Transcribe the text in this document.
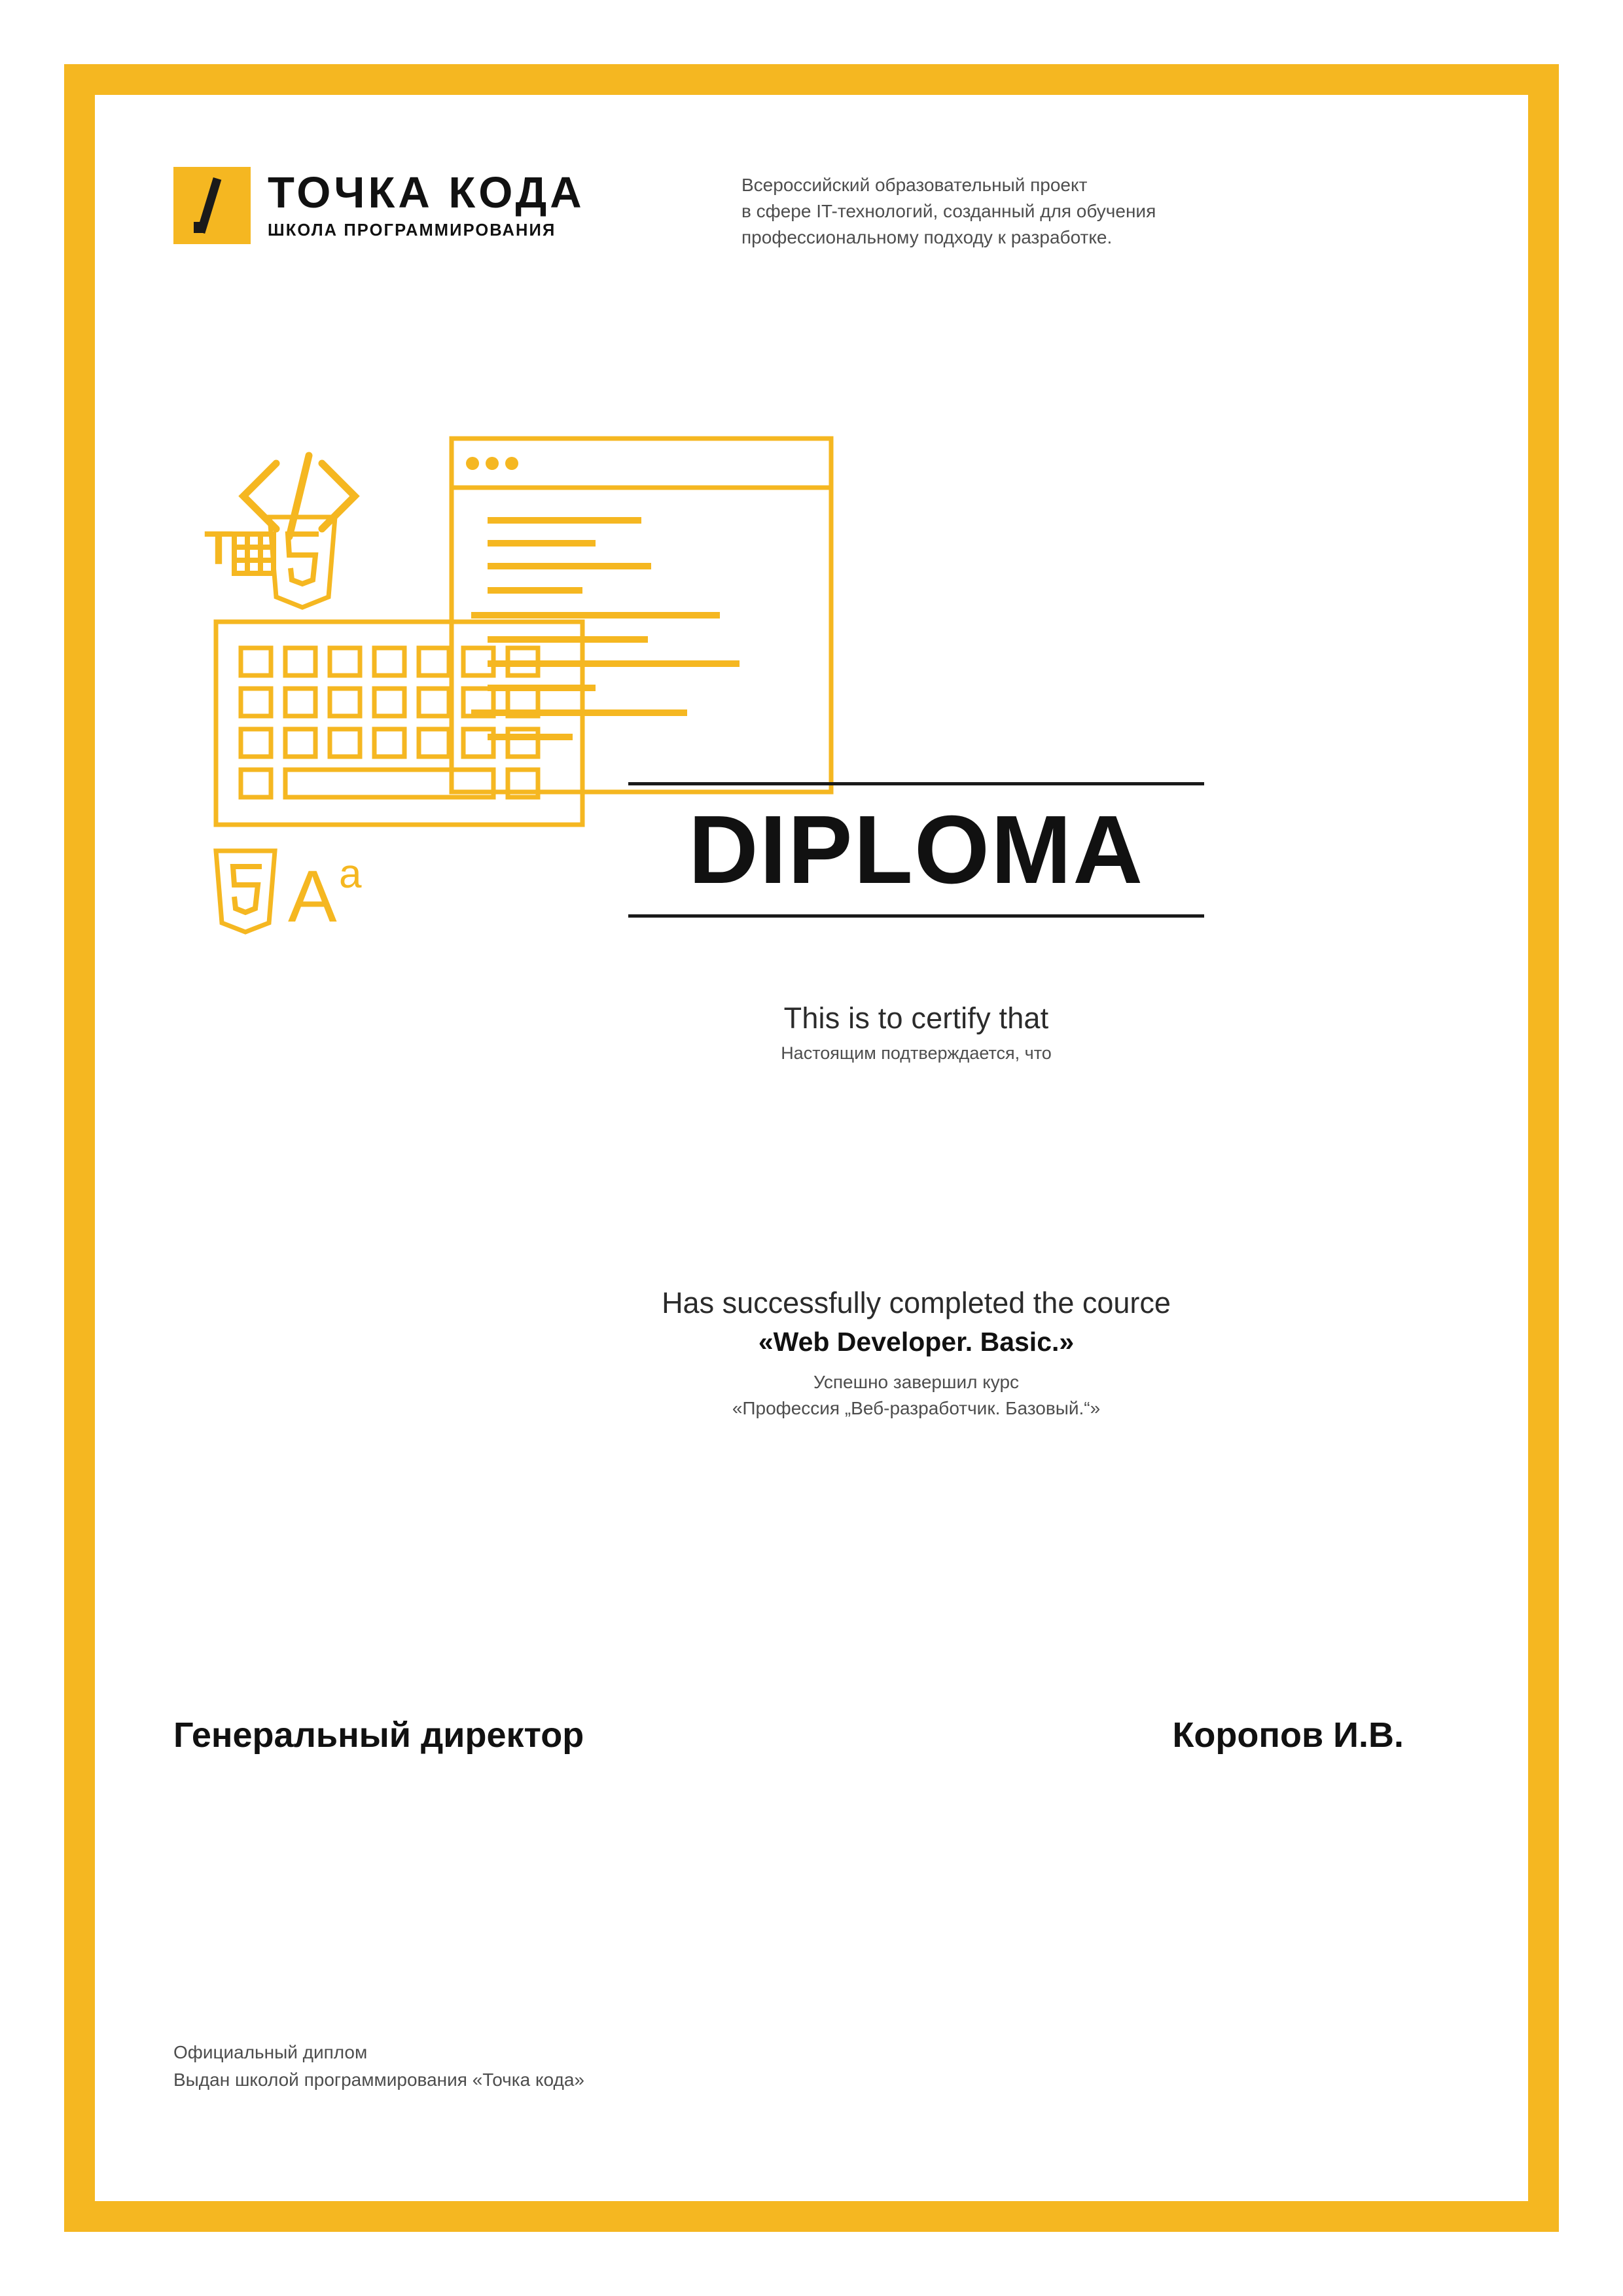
ТОЧКА КОДА
ШКОЛА ПРОГРАММИРОВАНИЯ
Всероссийский образовательный проект
в сфере IT-технологий, созданный для обучения
профессиональному подходу к разработке.
T
A a	DIPLOMA
This is to certify that
Настоящим подтверждается, что
Has successfully completed the cource
«Web Developer. Basic.»
Успешно завершил курс
«Профессия „Веб-разработчик. Базовый.“»
Генеральный директор	Коропов И.В.
Официальный диплом
Выдан школой программирования «Точка кода»
